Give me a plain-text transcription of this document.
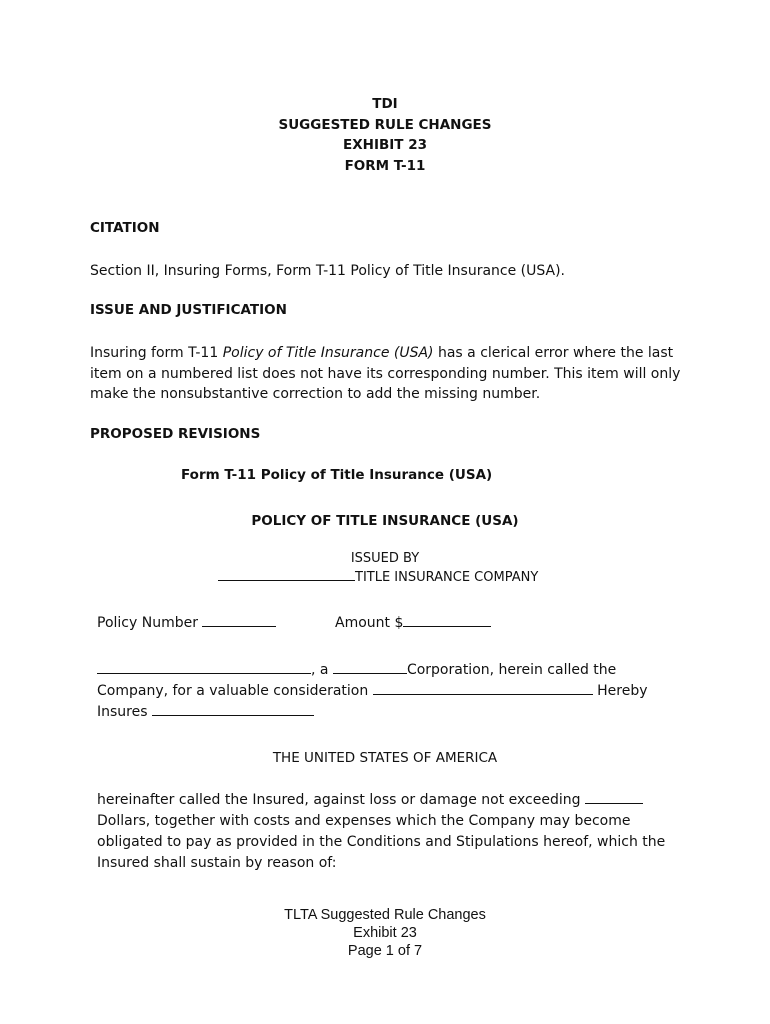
TDI
SUGGESTED RULE CHANGES
EXHIBIT 23
FORM T-11
CITATION
Section II, Insuring Forms, Form T-11 Policy of Title Insurance (USA).
ISSUE AND JUSTIFICATION
Insuring form T-11 Policy of Title Insurance (USA) has a clerical error where the last item on a numbered list does not have its corresponding number. This item will only make the nonsubstantive correction to add the missing number.
PROPOSED REVISIONS
Form T-11 Policy of Title Insurance (USA)
POLICY OF TITLE INSURANCE (USA)
ISSUED BY
TITLE INSURANCE COMPANY
Policy Number	Amount $
, a	Corporation, herein called the
Company, for a valuable consideration	Hereby
Insures
THE UNITED STATES OF AMERICA
hereinafter called the Insured, against loss or damage not exceeding  Dollars, together with costs and expenses which the Company may become obligated to pay as provided in the Conditions and Stipulations hereof, which the Insured shall sustain by reason of:
TLTA Suggested Rule Changes
Exhibit 23
Page 1 of 7
